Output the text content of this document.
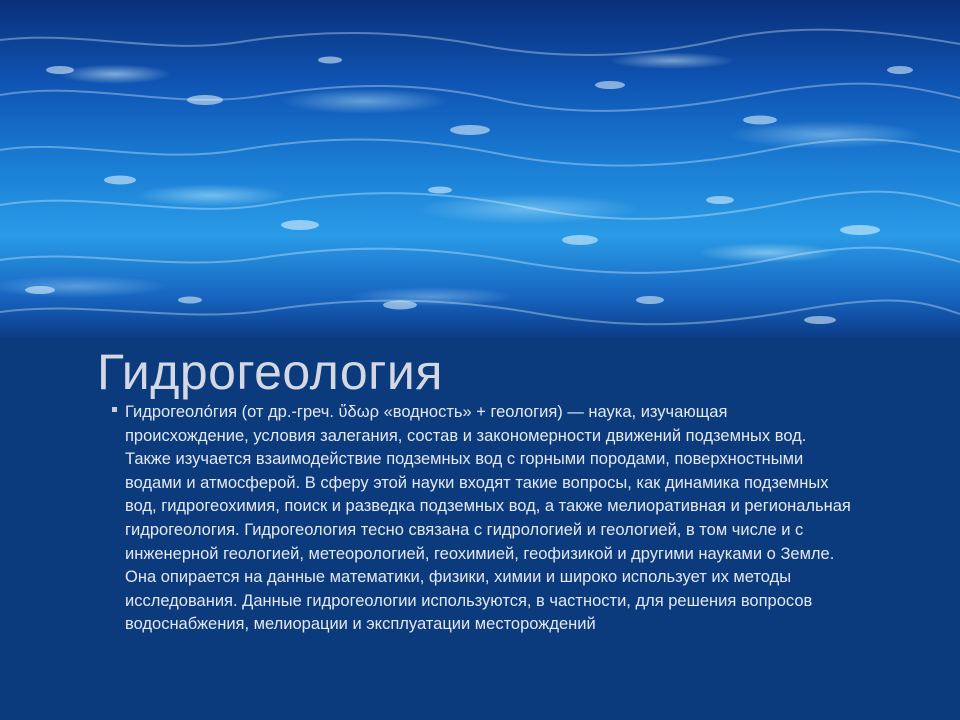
Гидрогеология

Гидрогеоло́гия (от др.-греч. ὕδωρ «водность» + геология) — наука, изучающая происхождение, условия залегания, состав и закономерности движений подземных вод. Также изучается взаимодействие подземных вод с горными породами, поверхностными водами и атмосферой. В сферу этой науки входят такие вопросы, как динамика подземных вод, гидрогеохимия, поиск и разведка подземных вод, а также мелиоративная и региональная гидрогеология. Гидрогеология тесно связана с гидрологией и геологией, в том числе и с инженерной геологией, метеорологией, геохимией, геофизикой и другими науками о Земле. Она опирается на данные математики, физики, химии и широко использует их методы исследования. Данные гидрогеологии используются, в частности, для решения вопросов водоснабжения, мелиорации и эксплуатации месторождений
